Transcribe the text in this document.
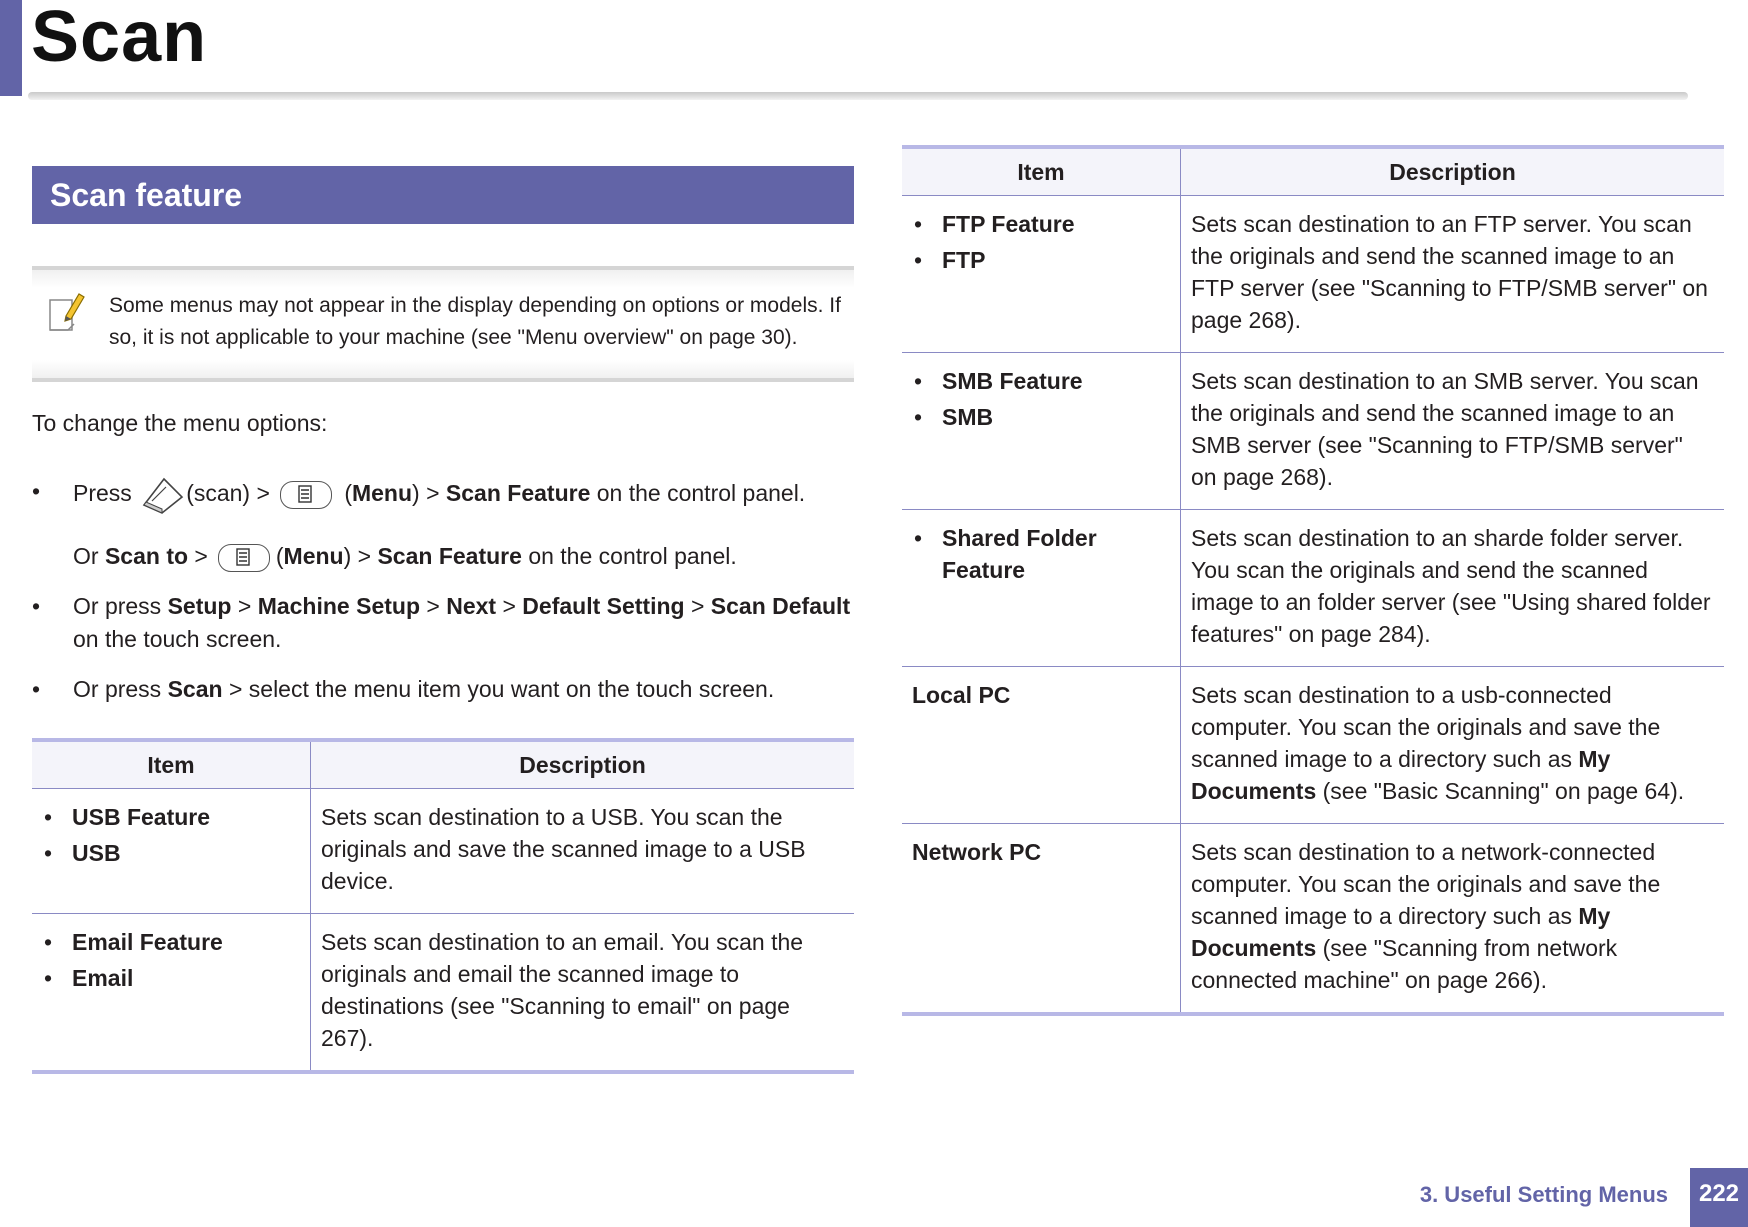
Scan
Scan feature
Some menus may not appear in the display depending on options or models. If so, it is not applicable to your machine (see "Menu overview" on page 30).
To change the menu options:
• Press (scan) >	(Menu) > Scan Feature on the control panel.
Or Scan to >	(Menu) > Scan Feature on the control panel.
• Or press Setup > Machine Setup > Next > Default Setting > Scan Default on the touch screen.
• Or press Scan > select the menu item you want on the touch screen.
Item	Description

• USB Feature
• USB	Sets scan destination to a USB. You scan the originals and save the scanned image to a USB device.

• Email Feature
• Email	Sets scan destination to an email. You scan the originals and email the scanned image to destinations (see "Scanning to email" on page 267).
Item	Description

• FTP Feature
• FTP	Sets scan destination to an FTP server. You scan the originals and send the scanned image to an FTP server (see "Scanning to FTP/SMB server" on page 268).

• SMB Feature
• SMB	Sets scan destination to an SMB server. You scan the originals and send the scanned image to an SMB server (see "Scanning to FTP/SMB server" on page 268).

• Shared Folder Feature	Sets scan destination to an sharde folder server. You scan the originals and send the scanned image to an folder server (see "Using shared folder features" on page 284).

Local PC	Sets scan destination to a usb-connected computer. You scan the originals and save the scanned image to a directory such as My Documents (see "Basic Scanning" on page 64).

Network PC	Sets scan destination to a network-connected computer. You scan the originals and save the scanned image to a directory such as My Documents (see "Scanning from network connected machine" on page 266).
3. Useful Setting Menus	222
